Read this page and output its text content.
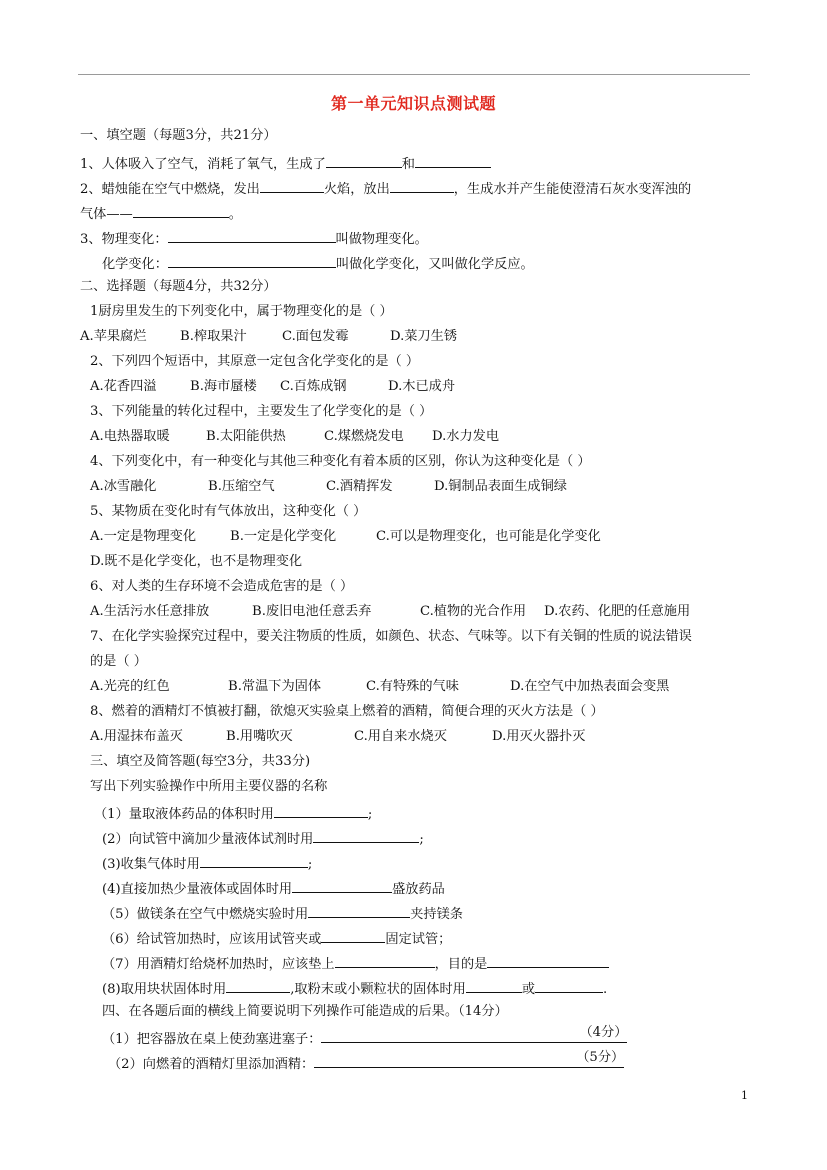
第一单元知识点测试题
一、填空题（每题3分，共21分）
1、人体吸入了空气，消耗了氧气，生成了	和
2、蜡烛能在空气中燃烧，发出	火焰，放出	，生成水并产生能使澄清石灰水变浑浊的
气体——	。
3、物理变化：	叫做物理变化。
化学变化：	叫做化学变化，又叫做化学反应。
二、选择题（每题4分，共32分）
1厨房里发生的下列变化中，属于物理变化的是（ ）
A.苹果腐烂	B.榨取果汁	C.面包发霉	D.菜刀生锈
2、下列四个短语中，其原意一定包含化学变化的是（ ）
A.花香四溢	B.海市蜃楼 C.百炼成钢	D.木已成舟
3、下列能量的转化过程中，主要发生了化学变化的是（ ）
A.电热器取暖	B.太阳能供热	C.煤燃烧发电 D.水力发电
4、下列变化中，有一种变化与其他三种变化有着本质的区别，你认为这种变化是（ ）
A.冰雪融化	B.压缩空气	C.酒精挥发	D.铜制品表面生成铜绿
5、某物质在变化时有气体放出，这种变化（ ）
A.一定是物理变化	B.一定是化学变化	C.可以是物理变化，也可能是化学变化
D.既不是化学变化，也不是物理变化
6、对人类的生存环境不会造成危害的是（ ）
A.生活污水任意排放	B.废旧电池任意丢弃	C.植物的光合作用 D.农药、化肥的任意施用
7、在化学实验探究过程中，要关注物质的性质，如颜色、状态、气味等。以下有关铜的性质的说法错误
的是（ ）
A.光亮的红色	B.常温下为固体	C.有特殊的气味	D.在空气中加热表面会变黑
8、燃着的酒精灯不慎被打翻，欲熄灭实验桌上燃着的酒精，简便合理的灭火方法是（ ）
A.用湿抹布盖灭	B.用嘴吹灭	C.用自来水烧灭	D.用灭火器扑灭
三、填空及简答题(每空3分，共33分)
写出下列实验操作中所用主要仪器的名称
（1）量取液体药品的体积时用	;
(2）向试管中滴加少量液体试剂时用	;
(3)收集气体时用	;
(4)直接加热少量液体或固体时用	盛放药品
（5）做镁条在空气中燃烧实验时用	夹持镁条
（6）给试管加热时，应该用试管夹或	固定试管；
（7）用酒精灯给烧杯加热时，应该垫上	，目的是
(8)取用块状固体时用	,取粉末或小颗粒状的固体时用	或	.
四、在各题后面的横线上简要说明下列操作可能造成的后果。（14分）
（1）把容器放在桌上使劲塞进塞子：	（4分）
（2）向燃着的酒精灯里添加酒精：	（5分）
1
